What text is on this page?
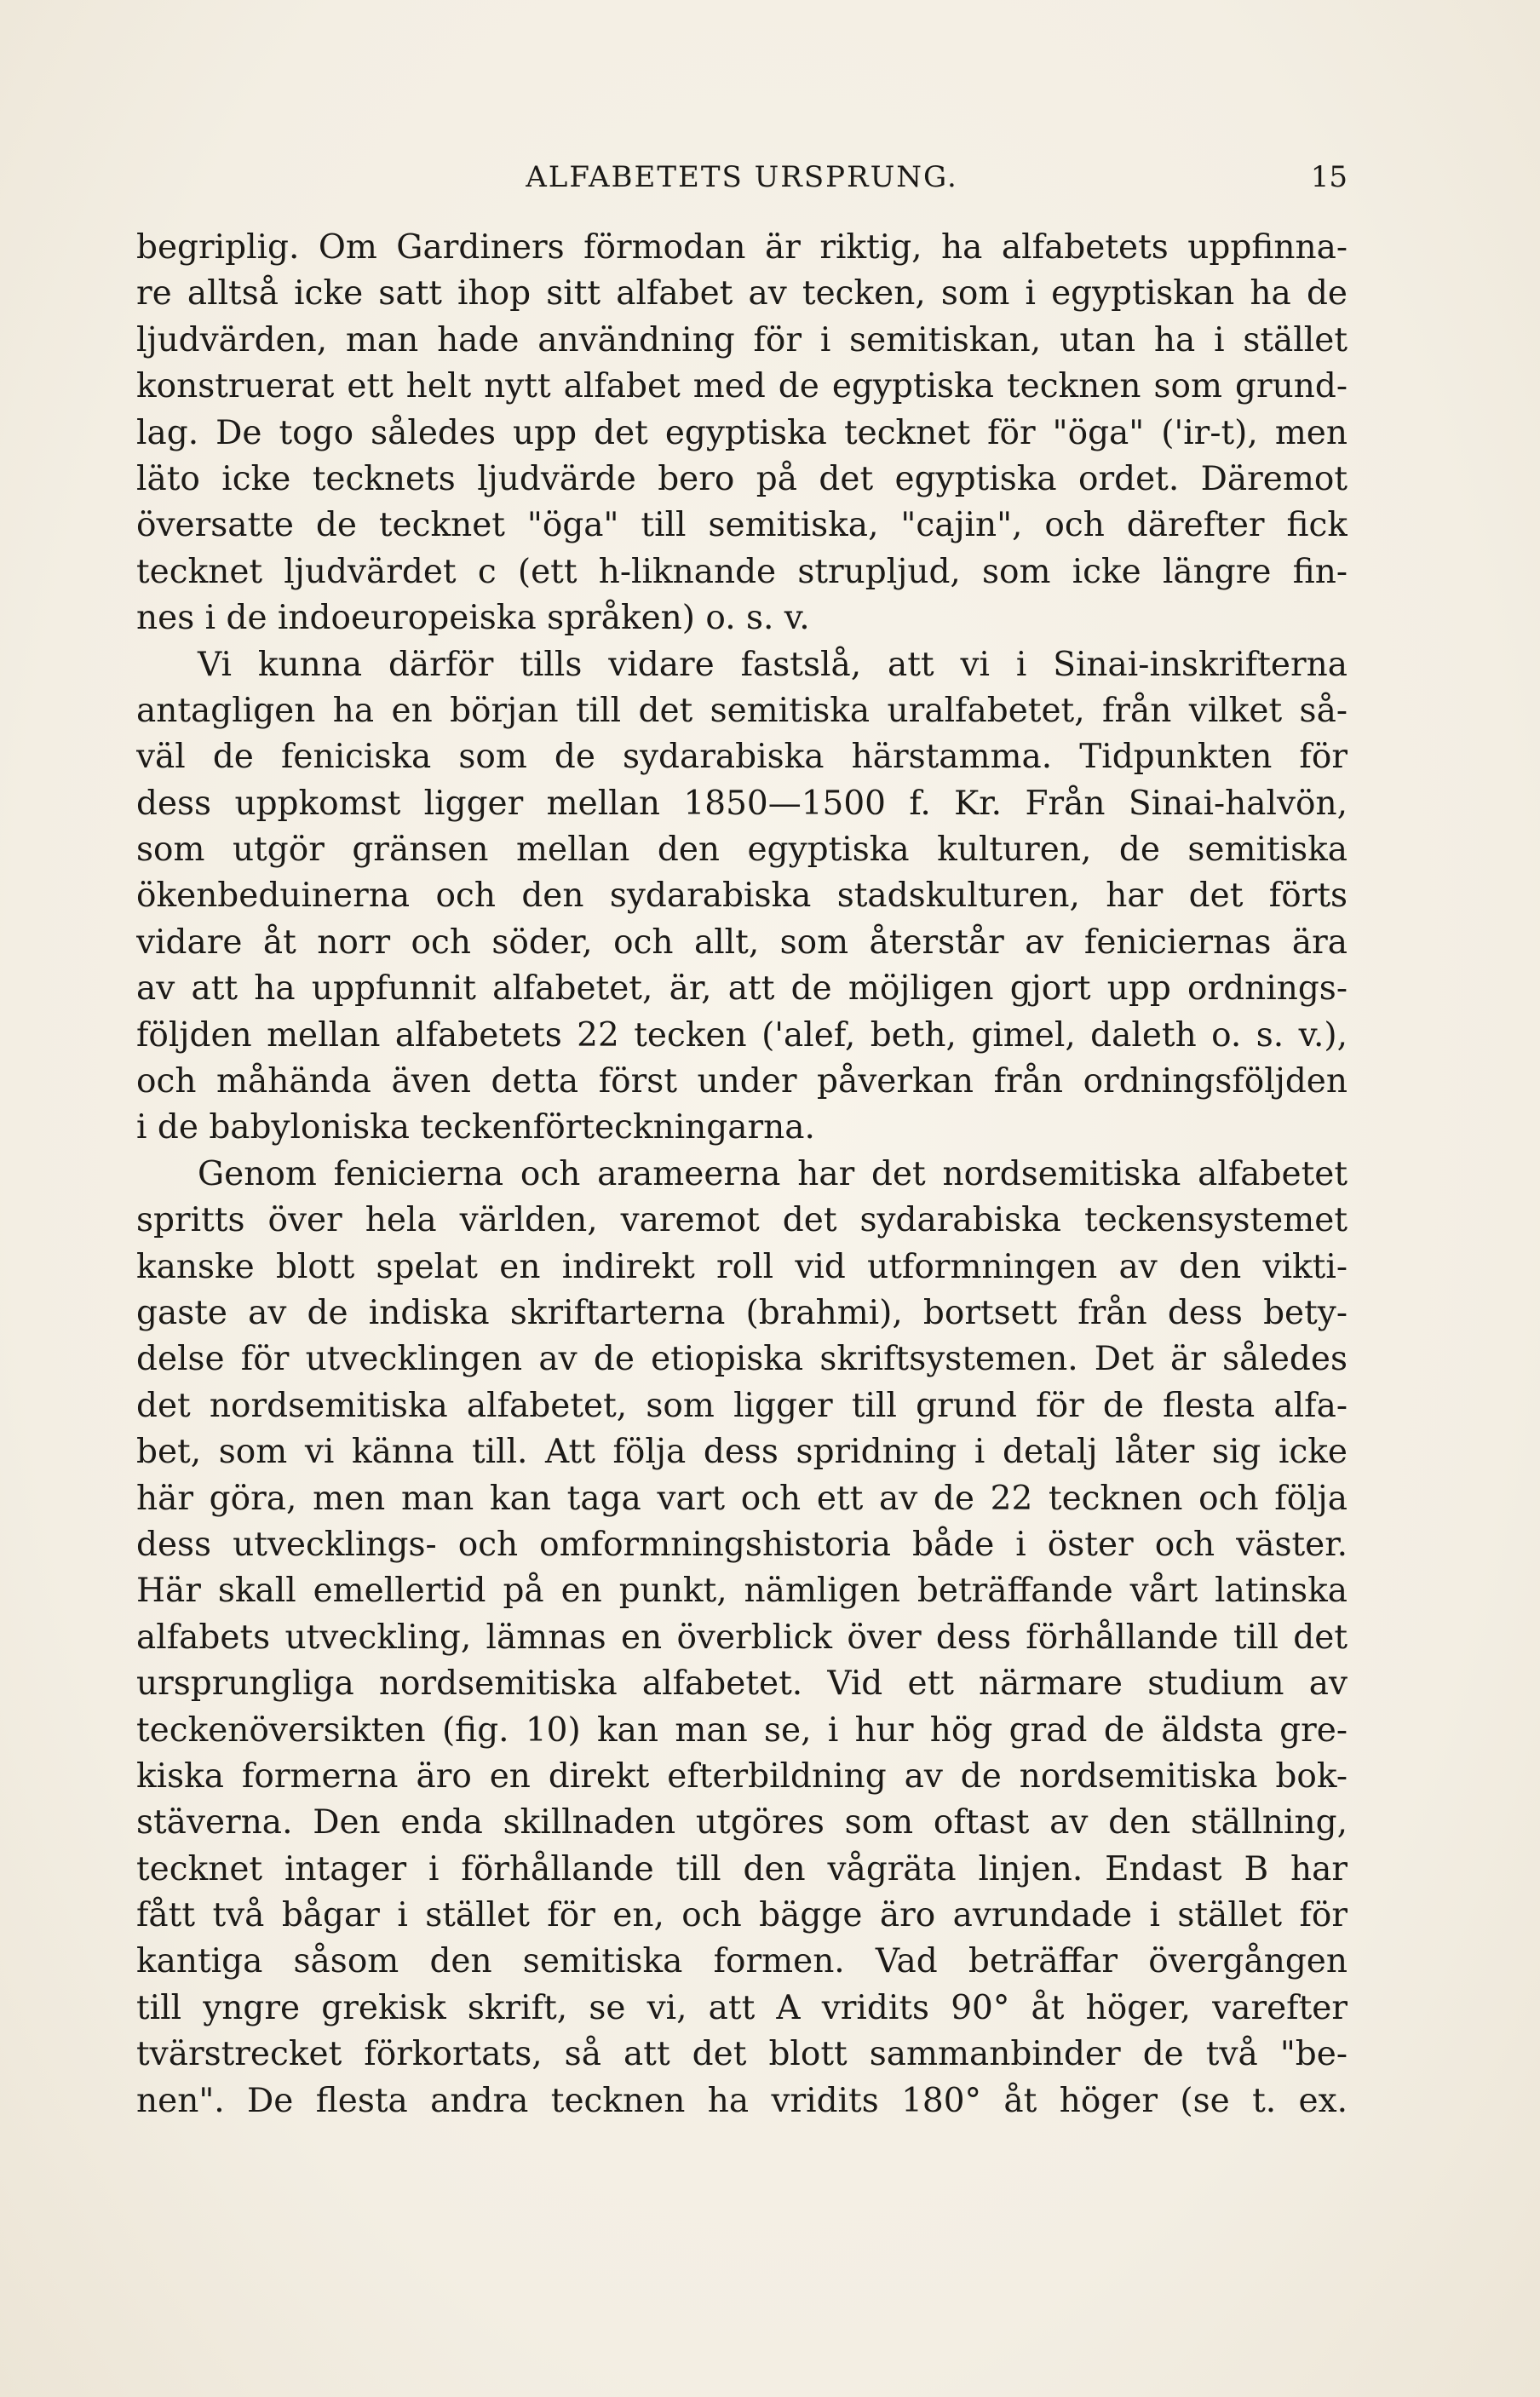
ALFABETETS URSPRUNG.	15
begriplig. Om Gardiners förmodan är riktig, ha alfabetets uppfinna-
re alltså icke satt ihop sitt alfabet av tecken, som i egyptiskan ha de
ljudvärden, man hade användning för i semitiskan, utan ha i stället
konstruerat ett helt nytt alfabet med de egyptiska tecknen som grund-
lag. De togo således upp det egyptiska tecknet för "öga" ('ir-t), men
läto icke tecknets ljudvärde bero på det egyptiska ordet. Däremot
översatte de tecknet "öga" till semitiska, "cajin", och därefter fick
tecknet ljudvärdet c (ett h-liknande strupljud, som icke längre fin-
nes i de indoeuropeiska språken) o. s. v.
Vi kunna därför tills vidare fastslå, att vi i Sinai-inskrifterna
antagligen ha en början till det semitiska uralfabetet, från vilket så-
väl de feniciska som de sydarabiska härstamma. Tidpunkten för
dess uppkomst ligger mellan 1850—1500 f. Kr. Från Sinai-halvön,
som utgör gränsen mellan den egyptiska kulturen, de semitiska
ökenbeduinerna och den sydarabiska stadskulturen, har det förts
vidare åt norr och söder, och allt, som återstår av feniciernas ära
av att ha uppfunnit alfabetet, är, att de möjligen gjort upp ordnings-
följden mellan alfabetets 22 tecken ('alef, beth, gimel, daleth o. s. v.),
och måhända även detta först under påverkan från ordningsföljden
i de babyloniska teckenförteckningarna.
Genom fenicierna och arameerna har det nordsemitiska alfabetet
spritts över hela världen, varemot det sydarabiska teckensystemet
kanske blott spelat en indirekt roll vid utformningen av den vikti-
gaste av de indiska skriftarterna (brahmi), bortsett från dess bety-
delse för utvecklingen av de etiopiska skriftsystemen. Det är således
det nordsemitiska alfabetet, som ligger till grund för de flesta alfa-
bet, som vi känna till. Att följa dess spridning i detalj låter sig icke
här göra, men man kan taga vart och ett av de 22 tecknen och följa
dess utvecklings- och omformningshistoria både i öster och väster.
Här skall emellertid på en punkt, nämligen beträffande vårt latinska
alfabets utveckling, lämnas en överblick över dess förhållande till det
ursprungliga nordsemitiska alfabetet. Vid ett närmare studium av
teckenöversikten (fig. 10) kan man se, i hur hög grad de äldsta gre-
kiska formerna äro en direkt efterbildning av de nordsemitiska bok-
stäverna. Den enda skillnaden utgöres som oftast av den ställning,
tecknet intager i förhållande till den vågräta linjen. Endast B har
fått två bågar i stället för en, och bägge äro avrundade i stället för
kantiga såsom den semitiska formen. Vad beträffar övergången
till yngre grekisk skrift, se vi, att A vridits 90° åt höger, varefter
tvärstrecket förkortats, så att det blott sammanbinder de två "be-
nen". De flesta andra tecknen ha vridits 180° åt höger (se t. ex.
